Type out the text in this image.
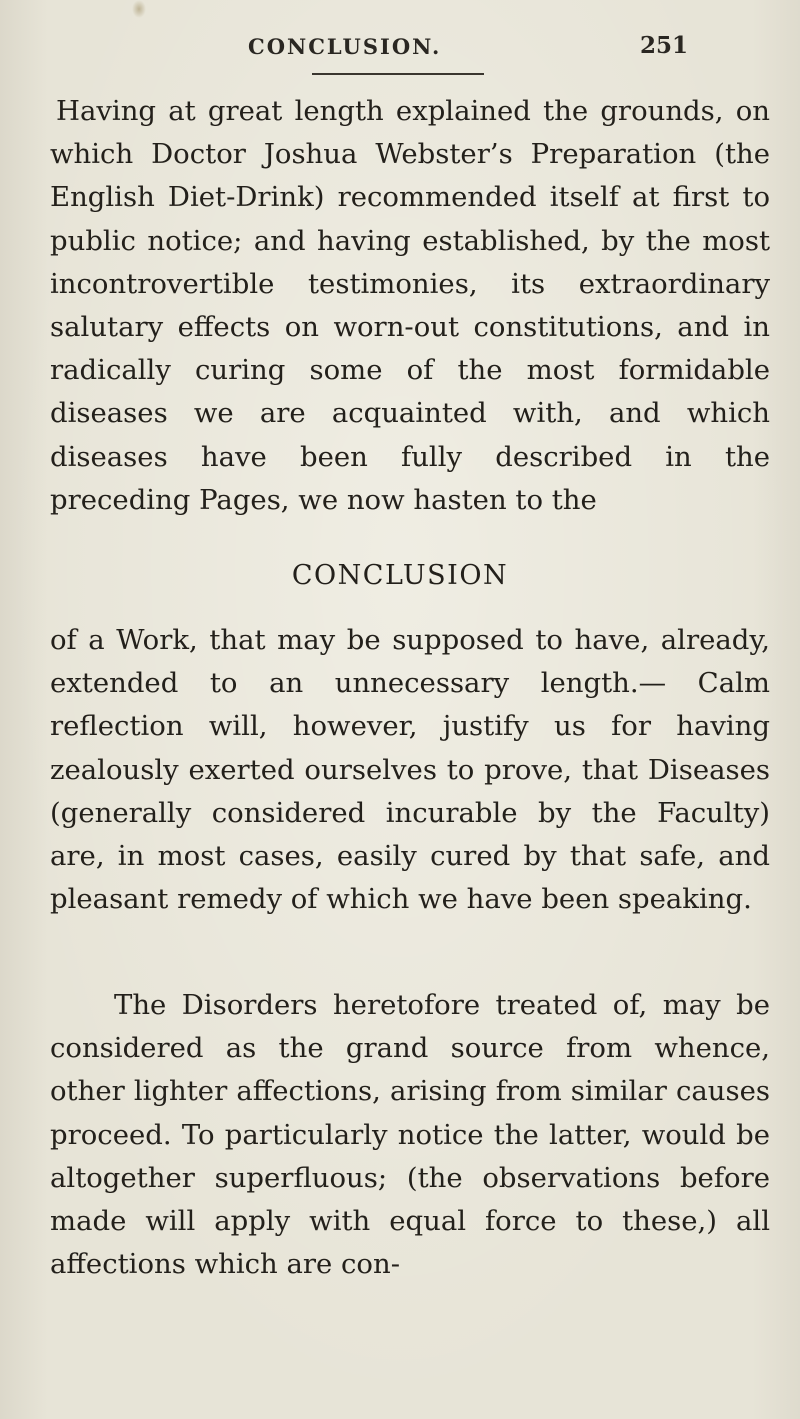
CONCLUSION.	251

Having at great length explained the grounds, on which Doctor Joshua Webster’s Preparation (the English Diet-Drink) recommended itself at first to public notice; and having established, by the most incontrovertible testimonies, its extraordinary salutary effects on worn-out constitutions, and in radically curing some of the most formidable diseases we are acquainted with, and which diseases have been fully described in the preceding Pages, we now hasten to the

CONCLUSION

of a Work, that may be supposed to have, already, extended to an unnecessary length.— Calm reflection will, however, justify us for having zealously exerted ourselves to prove, that Diseases (generally considered incurable by the Faculty) are, in most cases, easily cured by that safe, and pleasant remedy of which we have been speaking.

The Disorders heretofore treated of, may be considered as the grand source from whence, other lighter affections, arising from similar causes proceed. To particularly notice the latter, would be altogether superfluous; (the observations before made will apply with equal force to these,) all affections which are con-
